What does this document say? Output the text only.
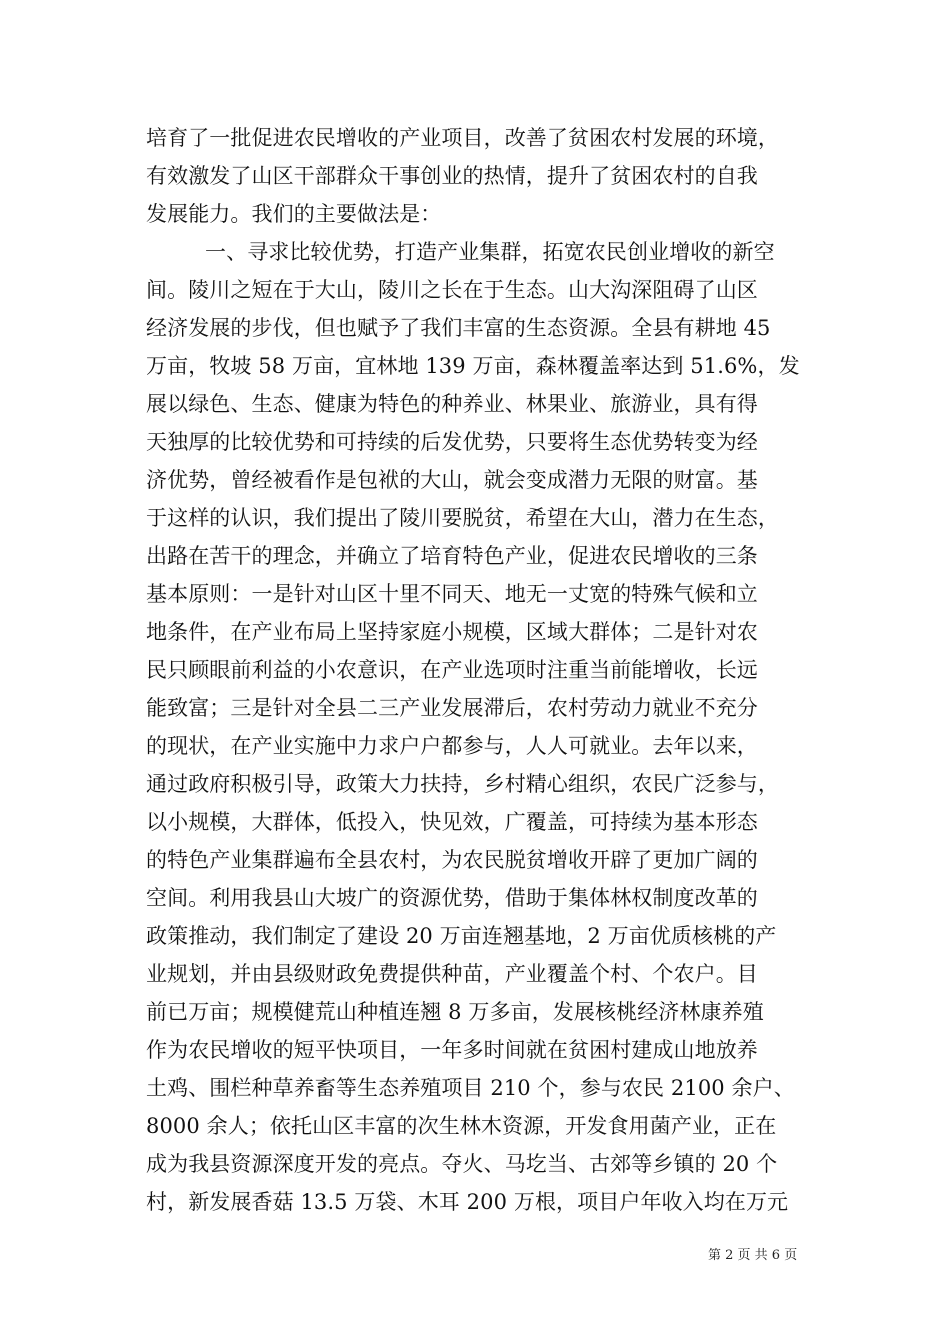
培育了一批促进农民增收的产业项目，改善了贫困农村发展的环境，
有效激发了山区干部群众干事创业的热情，提升了贫困农村的自我
发展能力。我们的主要做法是：
一、寻求比较优势，打造产业集群，拓宽农民创业增收的新空
间。陵川之短在于大山，陵川之长在于生态。山大沟深阻碍了山区
经济发展的步伐，但也赋予了我们丰富的生态资源。全县有耕地 45
万亩，牧坡 58 万亩，宜林地 139 万亩，森林覆盖率达到 51.6%，发
展以绿色、生态、健康为特色的种养业、林果业、旅游业，具有得
天独厚的比较优势和可持续的后发优势，只要将生态优势转变为经
济优势，曾经被看作是包袱的大山，就会变成潜力无限的财富。基
于这样的认识，我们提出了陵川要脱贫，希望在大山，潜力在生态，
出路在苦干的理念，并确立了培育特色产业，促进农民增收的三条
基本原则：一是针对山区十里不同天、地无一丈宽的特殊气候和立
地条件，在产业布局上坚持家庭小规模，区域大群体；二是针对农
民只顾眼前利益的小农意识，在产业选项时注重当前能增收，长远
能致富；三是针对全县二三产业发展滞后，农村劳动力就业不充分
的现状，在产业实施中力求户户都参与，人人可就业。去年以来，
通过政府积极引导，政策大力扶持，乡村精心组织，农民广泛参与，
以小规模，大群体，低投入，快见效，广覆盖，可持续为基本形态
的特色产业集群遍布全县农村，为农民脱贫增收开辟了更加广阔的
空间。利用我县山大坡广的资源优势，借助于集体林权制度改革的
政策推动，我们制定了建设 20 万亩连翘基地，2 万亩优质核桃的产
业规划，并由县级财政免费提供种苗，产业覆盖个村、个农户。目
前已万亩；规模健荒山种植连翘 8 万多亩，发展核桃经济林康养殖
作为农民增收的短平快项目，一年多时间就在贫困村建成山地放养
土鸡、围栏种草养畜等生态养殖项目 210 个，参与农民 2100 余户、
8000 余人；依托山区丰富的次生林木资源，开发食用菌产业，正在
成为我县资源深度开发的亮点。夺火、马圪当、古郊等乡镇的 20 个
村，新发展香菇 13.5 万袋、木耳 200 万根，项目户年收入均在万元
第 2 页 共 6 页
